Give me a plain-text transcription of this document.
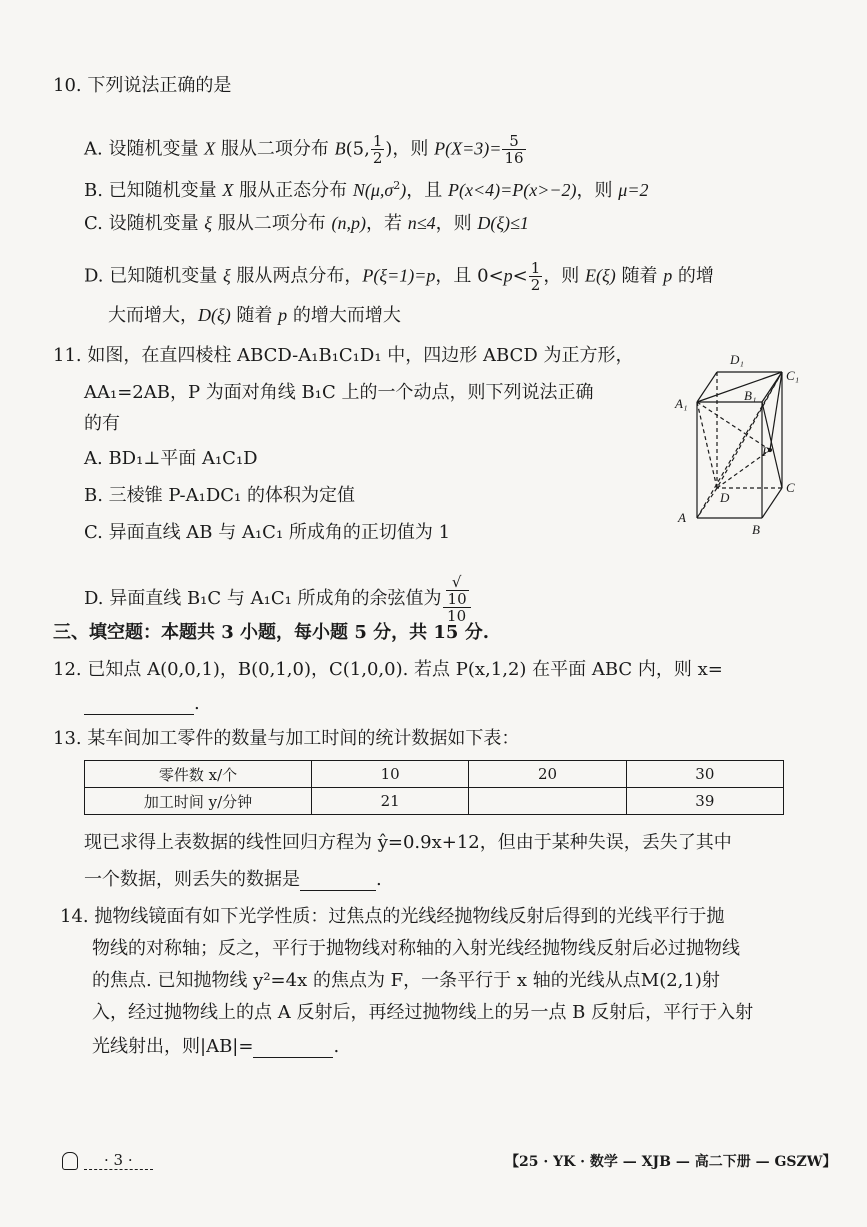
10. 下列说法正确的是
A. 设随机变量 X 服从二项分布 B(5, $\frac{1}{2}$ )，则 $P(X=3)= \frac{5}{16}$
B. 已知随机变量 X 服从正态分布 $N(\mu,\sigma^2)$，且 P(x<4)=P(x>−2)，则 μ=2
C. 设随机变量 ξ 服从二项分布 (n,p)，若 n≤4，则 D(ξ)≤1
D. 已知随机变量 ξ 服从两点分布，P(ξ=1)=p，且 $0<p< \frac{1}{2}$ ，则 E(ξ) 随着 p 的增
大而增大，D(ξ) 随着 p 的增大而增大
11. 如图，在直四棱柱 ABCD-A₁B₁C₁D₁ 中，四边形 ABCD 为正方形，
AA₁=2AB，P 为面对角线 B₁C 上的一个动点，则下列说法正确
的有
A. BD₁⊥平面 A₁C₁D
B. 三棱锥 P-A₁DC₁ 的体积为定值
C. 异面直线 AB 与 A₁C₁ 所成角的正切值为 1
D. 异面直线 B₁C 与 A₁C₁ 所成角的余弦值为 √
10
10
D₁
C₁
A₁
B₁
P
D
C
A
B
三、填空题：本题共 3 小题，每小题 5 分，共 15 分.
12. 已知点 A(0,0,1)，B(0,1,0)，C(1,0,0). 若点 P(x,1,2) 在平面 ABC 内，则 x=
.
13. 某车间加工零件的数量与加工时间的统计数据如下表：
零件数 x/个	10	20	30
加工时间 y/分钟	21		39
现已求得上表数据的线性回归方程为 ŷ=0.9x+12，但由于某种失误，丢失了其中
一个数据，则丢失的数据是	.
14. 抛物线镜面有如下光学性质：过焦点的光线经抛物线反射后得到的光线平行于抛
物线的对称轴；反之，平行于抛物线对称轴的入射光线经抛物线反射后必过抛物线
的焦点. 已知抛物线 y²=4x 的焦点为 F，一条平行于 x 轴的光线从点M(2,1)射
入，经过抛物线上的点 A 反射后，再经过抛物线上的另一点 B 反射后，平行于入射
光线射出，则|AB|=	.
· 3 ·	【25 · YK · 数学 — XJB — 高二下册 — GSZW】
